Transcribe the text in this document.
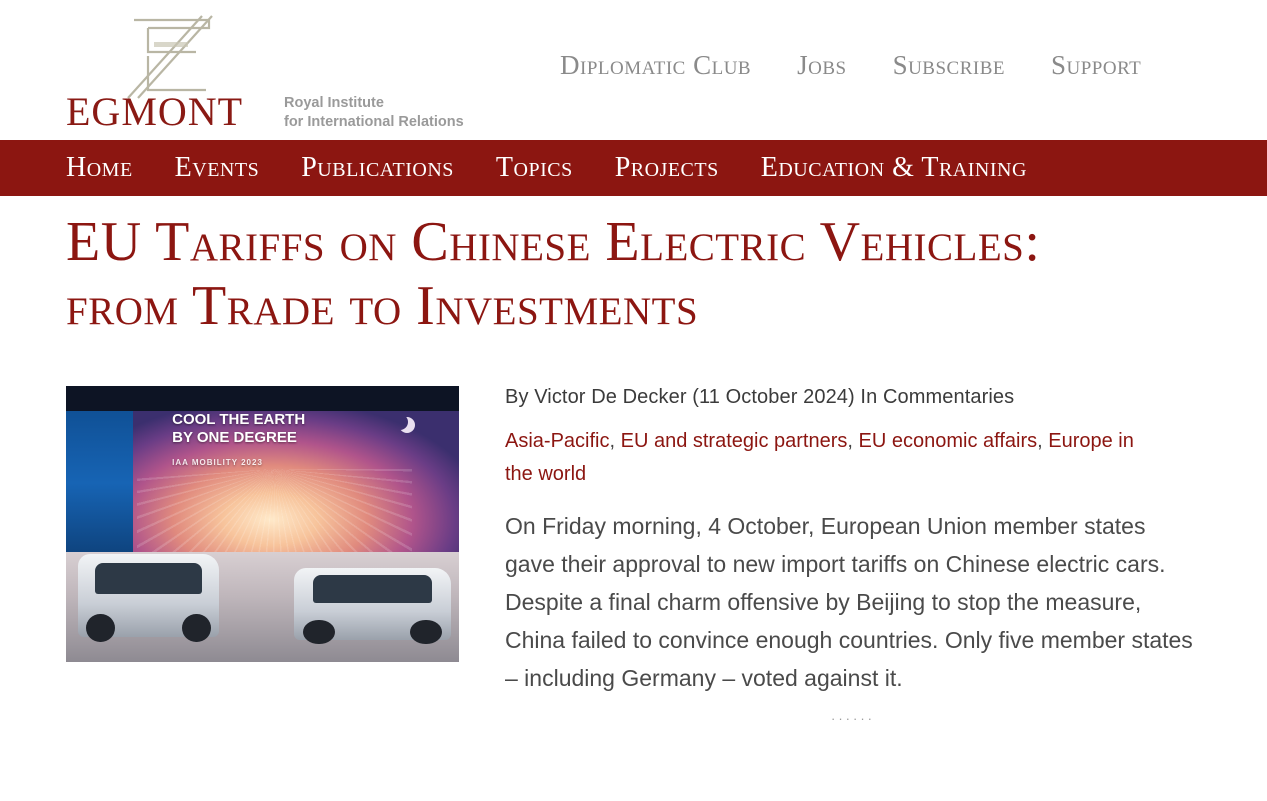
EGMONT	Royal Institute
for International Relations
Diplomatic Club Jobs Subscribe Support
Home Events Publications Topics Projects Education & Training
EU Tariffs on Chinese Electric Vehicles: from Trade to Investments
COOL THE EARTH
BY ONE DEGREE
IAA MOBILITY 2023

By Victor De Decker (11 October 2024) In Commentaries

Asia-Pacific, EU and strategic partners, EU economic affairs, Europe in the world

On Friday morning, 4 October, European Union member states gave their approval to new import tariffs on Chinese electric cars. Despite a final charm offensive by Beijing to stop the measure, China failed to convince enough countries. Only five member states – including Germany – voted against it.

······
